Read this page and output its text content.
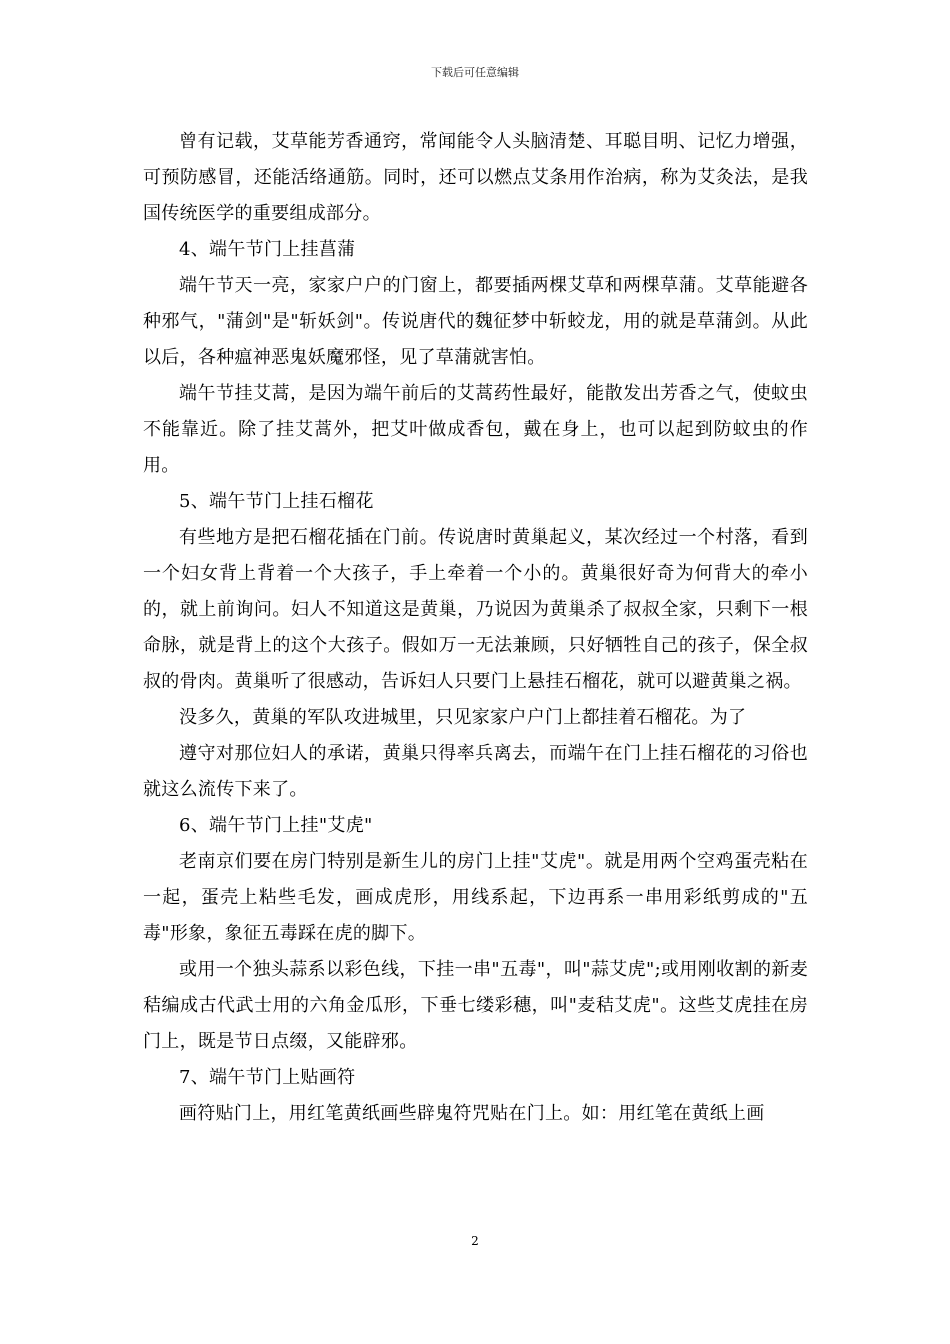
下载后可任意编辑

曾有记载，艾草能芳香通窍，常闻能令人头脑清楚、耳聪目明、记忆力增强，可预防感冒，还能活络通筋。同时，还可以燃点艾条用作治病，称为艾灸法，是我国传统医学的重要组成部分。

4、端午节门上挂菖蒲

端午节天一亮，家家户户的门窗上，都要插两棵艾草和两棵草蒲。艾草能避各种邪气，"蒲剑"是"斩妖剑"。传说唐代的魏征梦中斩蛟龙，用的就是草蒲剑。从此以后，各种瘟神恶鬼妖魔邪怪，见了草蒲就害怕。

端午节挂艾蒿，是因为端午前后的艾蒿药性最好，能散发出芳香之气，使蚊虫不能靠近。除了挂艾蒿外，把艾叶做成香包，戴在身上，也可以起到防蚊虫的作用。

5、端午节门上挂石榴花

有些地方是把石榴花插在门前。传说唐时黄巢起义，某次经过一个村落，看到一个妇女背上背着一个大孩子，手上牵着一个小的。黄巢很好奇为何背大的牵小的，就上前询问。妇人不知道这是黄巢，乃说因为黄巢杀了叔叔全家，只剩下一根命脉，就是背上的这个大孩子。假如万一无法兼顾，只好牺牲自己的孩子，保全叔叔的骨肉。黄巢听了很感动，告诉妇人只要门上悬挂石榴花，就可以避黄巢之祸。

没多久，黄巢的军队攻进城里，只见家家户户门上都挂着石榴花。为了

遵守对那位妇人的承诺，黄巢只得率兵离去，而端午在门上挂石榴花的习俗也就这么流传下来了。

6、端午节门上挂"艾虎"

老南京们要在房门特别是新生儿的房门上挂"艾虎"。就是用两个空鸡蛋壳粘在一起，蛋壳上粘些毛发，画成虎形，用线系起，下边再系一串用彩纸剪成的"五毒"形象，象征五毒踩在虎的脚下。

或用一个独头蒜系以彩色线，下挂一串"五毒"，叫"蒜艾虎";或用刚收割的新麦秸编成古代武士用的六角金瓜形，下垂七缕彩穗，叫"麦秸艾虎"。这些艾虎挂在房门上，既是节日点缀，又能辟邪。

7、端午节门上贴画符

画符贴门上，用红笔黄纸画些辟鬼符咒贴在门上。如：用红笔在黄纸上画

2
